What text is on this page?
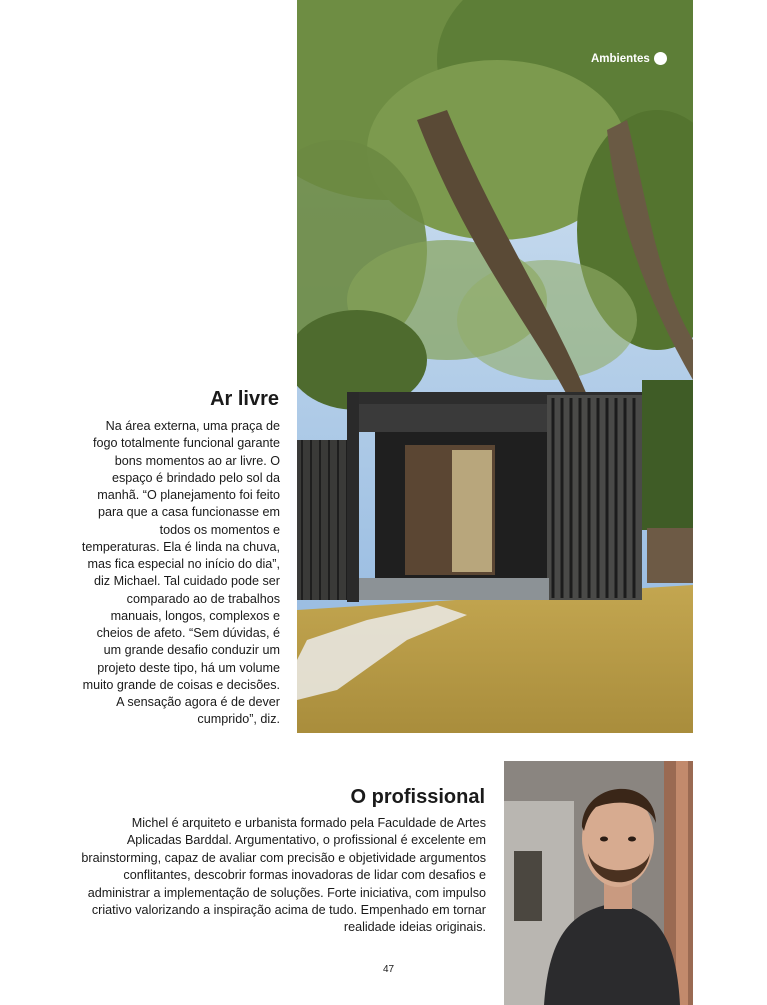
Ambientes
Ar livre

Na área externa, uma praça de fogo totalmente funcional garante bons momentos ao ar livre. O espaço é brindado pelo sol da manhã. “O planejamento foi feito para que a casa funcionasse em todos os momentos e temperaturas. Ela é linda na chuva, mas fica especial no início do dia”, diz Michael. Tal cuidado pode ser comparado ao de trabalhos manuais, longos, complexos e cheios de afeto. “Sem dúvidas, é um grande desafio conduzir um projeto deste tipo, há um volume muito grande de coisas e decisões. A sensação agora é de dever cumprido”, diz.

O profissional

Michel é arquiteto e urbanista formado pela Faculdade de Artes Aplicadas Barddal. Argumentativo, o profissional é excelente em brainstorming, capaz de avaliar com precisão e objetividade argumentos conflitantes, descobrir formas inovadoras de lidar com desafios e administrar a implementação de soluções. Forte iniciativa, com impulso criativo valorizando a inspiração acima de tudo. Empenhado em tornar realidade ideias originais.

47
